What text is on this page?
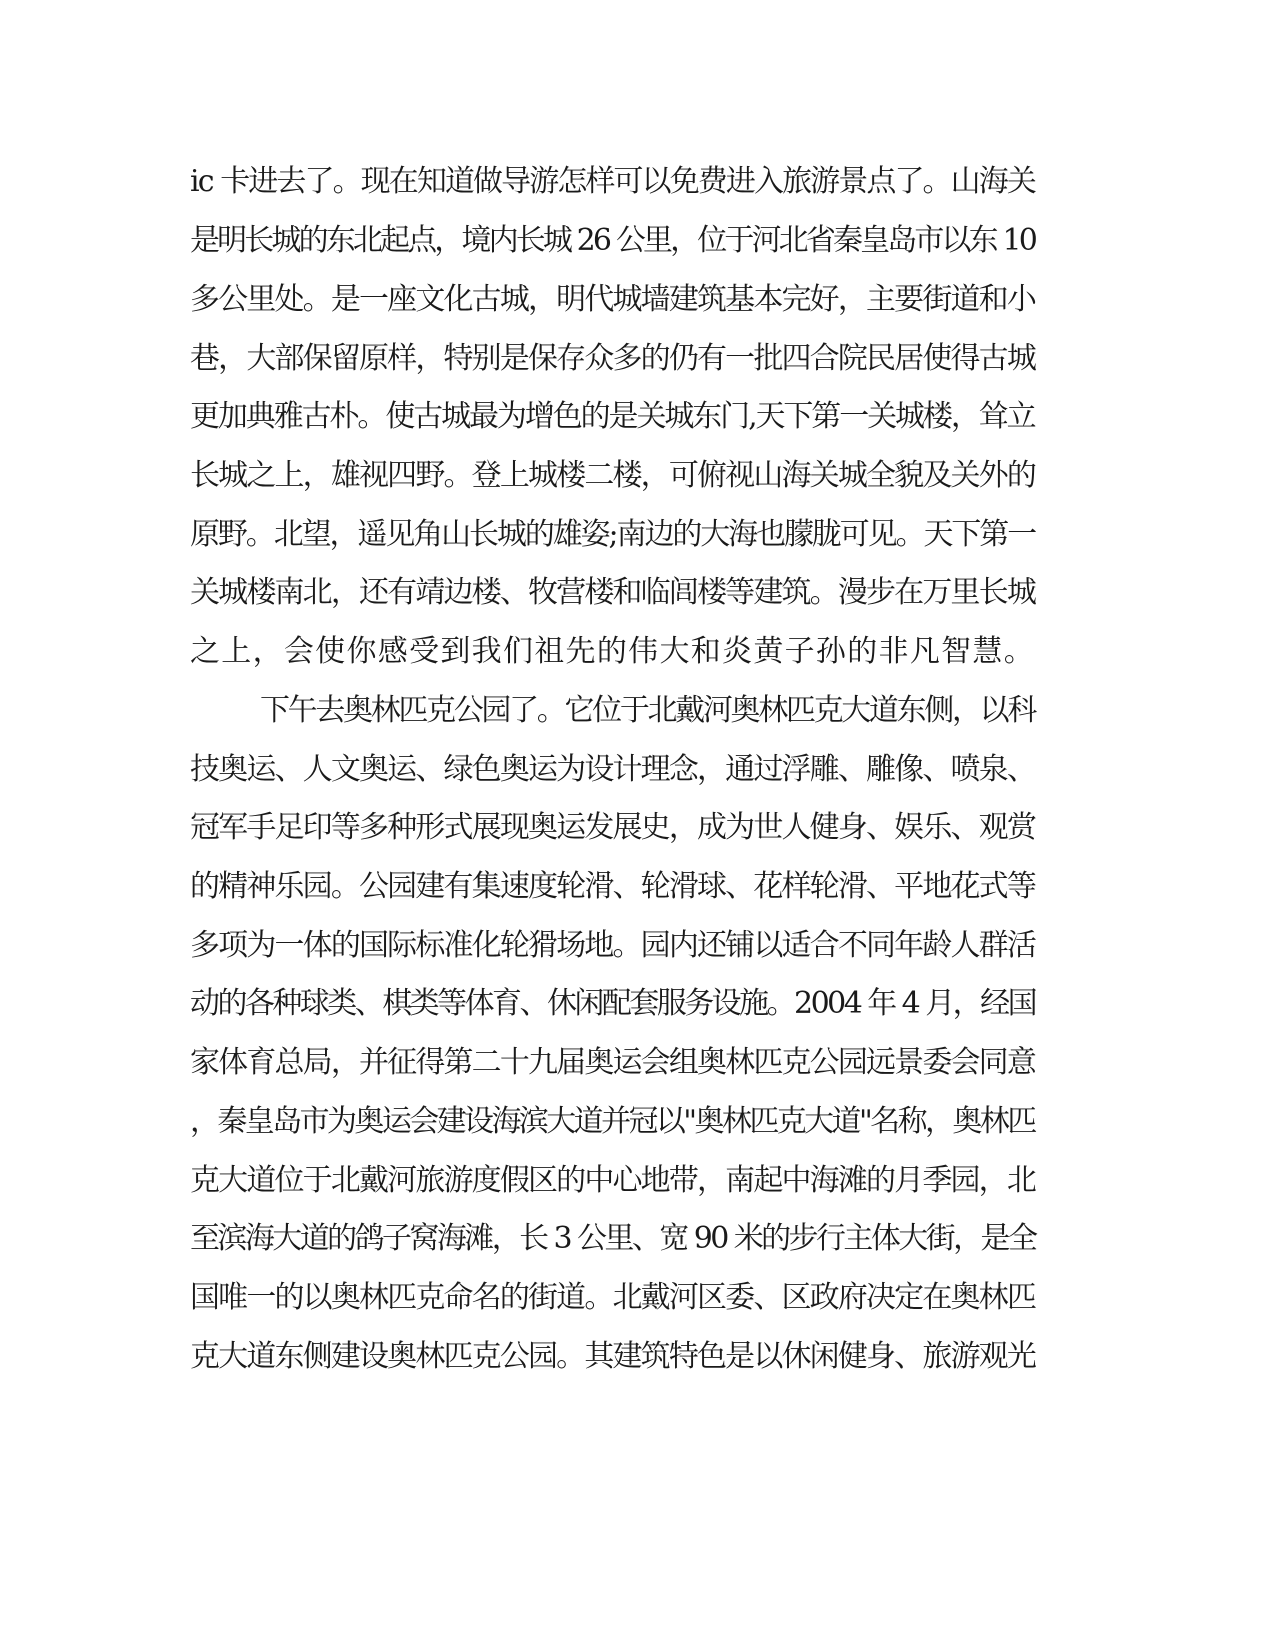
ic 卡进去了。现在知道做导游怎样可以免费进入旅游景点了。山海关
是明长城的东北起点，境内长城 26 公里，位于河北省秦皇岛市以东 10
多公里处。是一座文化古城，明代城墙建筑基本完好，主要街道和小
巷，大部保留原样，特别是保存众多的仍有一批四合院民居使得古城
更加典雅古朴。使古城最为增色的是关城东门,天下第一关城楼，耸立
长城之上，雄视四野。登上城楼二楼，可俯视山海关城全貌及关外的
原野。北望，遥见角山长城的雄姿;南边的大海也朦胧可见。天下第一
关城楼南北，还有靖边楼、牧营楼和临闾楼等建筑。漫步在万里长城
之上，会使你感受到我们祖先的伟大和炎黄子孙的非凡智慧。
下午去奥林匹克公园了。它位于北戴河奥林匹克大道东侧，以科
技奥运、人文奥运、绿色奥运为设计理念，通过浮雕、雕像、喷泉、
冠军手足印等多种形式展现奥运发展史，成为世人健身、娱乐、观赏
的精神乐园。公园建有集速度轮滑、轮滑球、花样轮滑、平地花式等
多项为一体的国际标准化轮猾场地。园内还铺以适合不同年龄人群活
动的各种球类、棋类等体育、休闲配套服务设施。2004 年 4 月，经国
家体育总局，并征得第二十九届奥运会组奥林匹克公园远景委会同意
，秦皇岛市为奥运会建设海滨大道并冠以"奥林匹克大道"名称，奥林匹
克大道位于北戴河旅游度假区的中心地带，南起中海滩的月季园，北
至滨海大道的鸽子窝海滩，长 3 公里、宽 90 米的步行主体大街，是全
国唯一的以奥林匹克命名的街道。北戴河区委、区政府决定在奥林匹
克大道东侧建设奥林匹克公园。其建筑特色是以休闲健身、旅游观光
